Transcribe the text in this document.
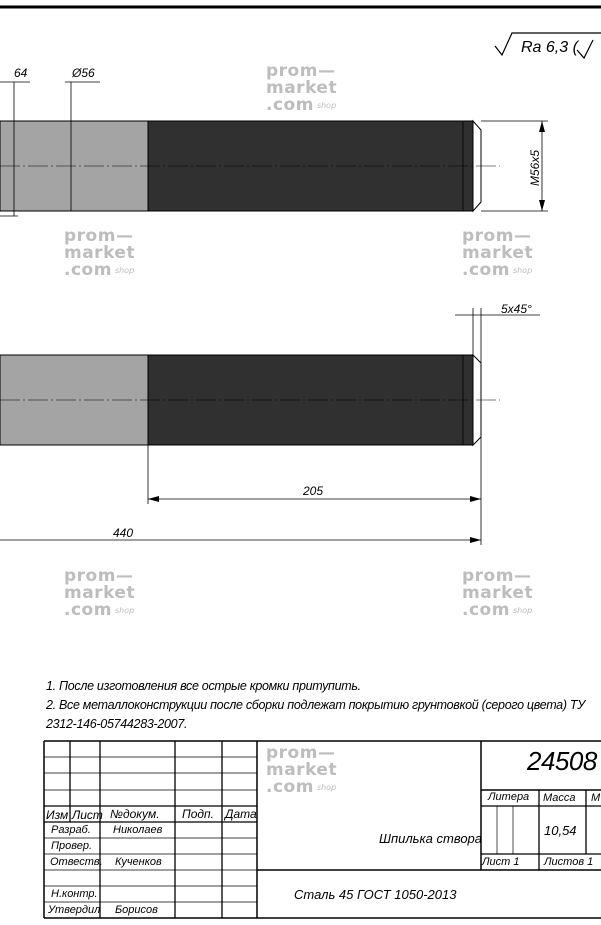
Ra 6,3 (
64	Ø56
M56x5
5x45°
205
440
prom—
market
.com $^{shop}$
prom—
market
.com $^{shop}$
prom—
market
.com $^{shop}$
prom—
market
.com $^{shop}$
prom—
market
.com $^{shop}$
prom—
market
.com $^{shop}$
1. После изготовления все острые кромки притупить.
2. Все металлоконструкции после сборки подлежат покрытию грунтовкой (серого цвета) ТУ
2312-146-05744283-2007.
24508
Шпилька створа
Сталь 45 ГОСТ 1050-2013
Изм Лист №докум. Подп. Дата
Литера Масса М
10,54
Лист 1 Листов 1
Разраб. Николаев
Провер.
Отвеств. Кученков
Н.контр.
Утвердил Борисов
